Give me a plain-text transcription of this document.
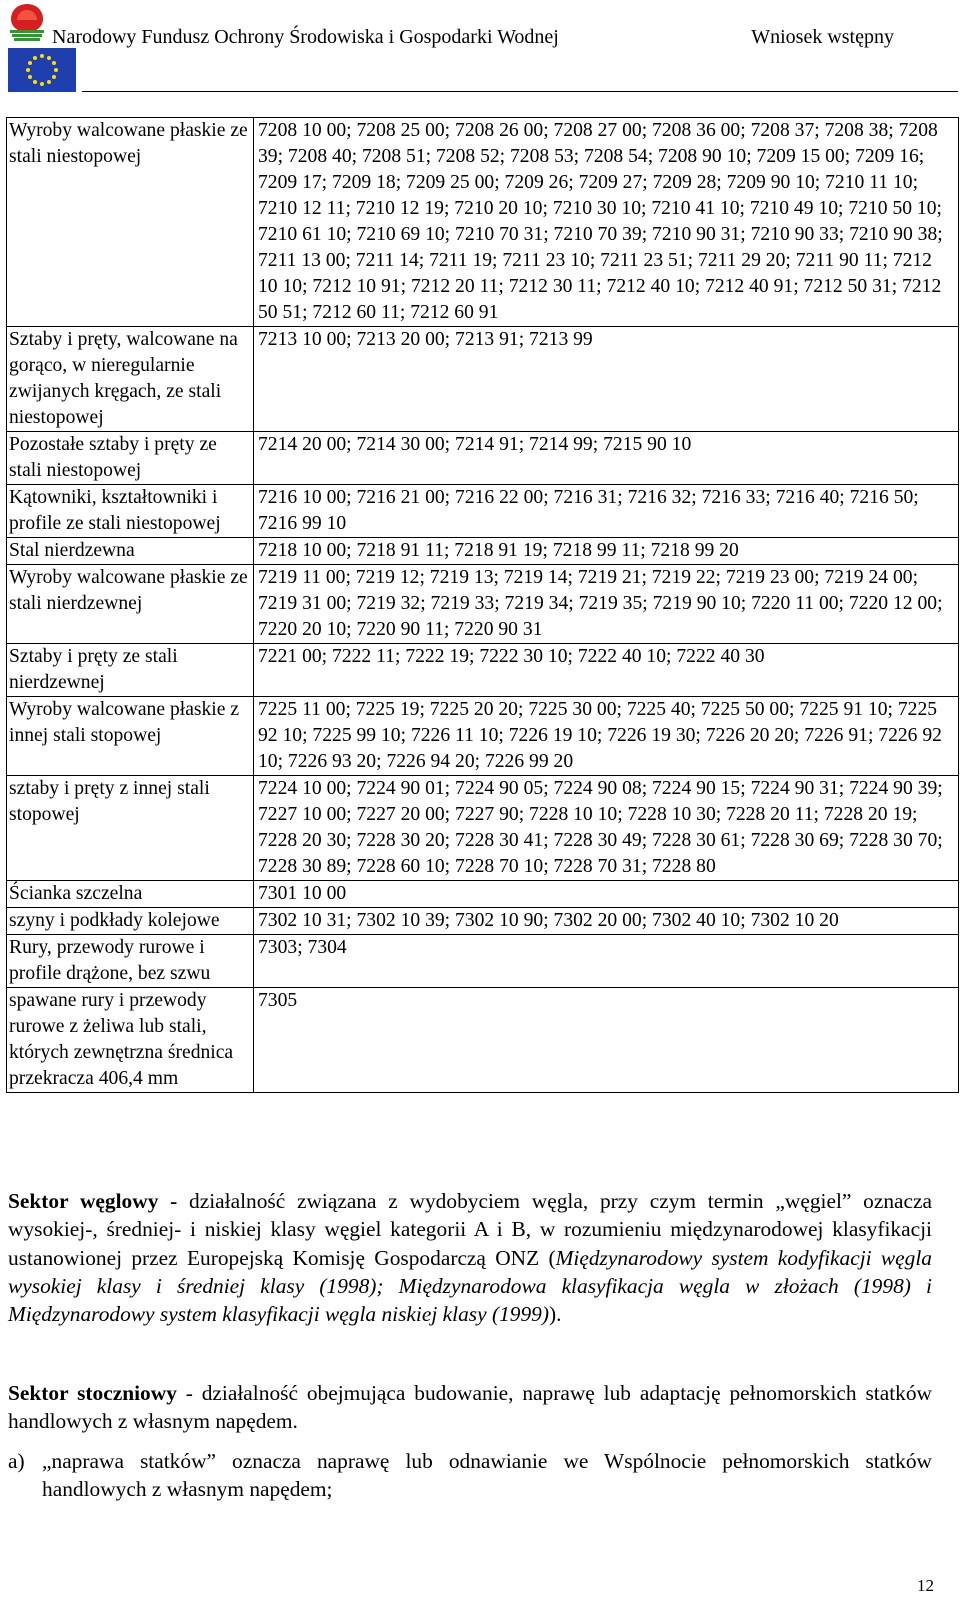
Narodowy Fundusz Ochrony Środowiska i Gospodarki Wodnej	Wniosek wstępny
Wyroby walcowane płaskie ze stali niestopowej	7208 10 00; 7208 25 00; 7208 26 00; 7208 27 00; 7208 36 00; 7208 37; 7208 38; 7208 39; 7208 40; 7208 51; 7208 52; 7208 53; 7208 54; 7208 90 10; 7209 15 00; 7209 16; 7209 17; 7209 18; 7209 25 00; 7209 26; 7209 27; 7209 28; 7209 90 10; 7210 11 10; 7210 12 11; 7210 12 19; 7210 20 10; 7210 30 10; 7210 41 10; 7210 49 10; 7210 50 10; 7210 61 10; 7210 69 10; 7210 70 31; 7210 70 39; 7210 90 31; 7210 90 33; 7210 90 38; 7211 13 00; 7211 14; 7211 19; 7211 23 10; 7211 23 51; 7211 29 20; 7211 90 11; 7212 10 10; 7212 10 91; 7212 20 11; 7212 30 11; 7212 40 10; 7212 40 91; 7212 50 31; 7212 50 51; 7212 60 11; 7212 60 91
Sztaby i pręty, walcowane na gorąco, w nieregularnie zwijanych kręgach, ze stali niestopowej	7213 10 00; 7213 20 00; 7213 91; 7213 99
Pozostałe sztaby i pręty ze stali niestopowej	7214 20 00; 7214 30 00; 7214 91; 7214 99; 7215 90 10
Kątowniki, kształtowniki i profile ze stali niestopowej	7216 10 00; 7216 21 00; 7216 22 00; 7216 31; 7216 32; 7216 33; 7216 40; 7216 50; 7216 99 10
Stal nierdzewna	7218 10 00; 7218 91 11; 7218 91 19; 7218 99 11; 7218 99 20
Wyroby walcowane płaskie ze stali nierdzewnej	7219 11 00; 7219 12; 7219 13; 7219 14; 7219 21; 7219 22; 7219 23 00; 7219 24 00; 7219 31 00; 7219 32; 7219 33; 7219 34; 7219 35; 7219 90 10; 7220 11 00; 7220 12 00; 7220 20 10; 7220 90 11; 7220 90 31
Sztaby i pręty ze stali nierdzewnej	7221 00; 7222 11; 7222 19; 7222 30 10; 7222 40 10; 7222 40 30
Wyroby walcowane płaskie z innej stali stopowej	7225 11 00; 7225 19; 7225 20 20; 7225 30 00; 7225 40; 7225 50 00; 7225 91 10; 7225 92 10; 7225 99 10; 7226 11 10; 7226 19 10; 7226 19 30; 7226 20 20; 7226 91; 7226 92 10; 7226 93 20; 7226 94 20; 7226 99 20
sztaby i pręty z innej stali stopowej	7224 10 00; 7224 90 01; 7224 90 05; 7224 90 08; 7224 90 15; 7224 90 31; 7224 90 39; 7227 10 00; 7227 20 00; 7227 90; 7228 10 10; 7228 10 30; 7228 20 11; 7228 20 19; 7228 20 30; 7228 30 20; 7228 30 41; 7228 30 49; 7228 30 61; 7228 30 69; 7228 30 70; 7228 30 89; 7228 60 10; 7228 70 10; 7228 70 31; 7228 80
Ścianka szczelna	7301 10 00
szyny i podkłady kolejowe	7302 10 31; 7302 10 39; 7302 10 90; 7302 20 00; 7302 40 10; 7302 10 20
Rury, przewody rurowe i profile drążone, bez szwu	7303; 7304
spawane rury i przewody rurowe z żeliwa lub stali, których zewnętrzna średnica przekracza 406,4 mm	7305
Sektor węglowy - działalność związana z wydobyciem węgla, przy czym termin „węgiel” oznacza wysokiej-, średniej- i niskiej klasy węgiel kategorii A i B, w rozumieniu międzynarodowej klasyfikacji ustanowionej przez Europejską Komisję Gospodarczą ONZ (Międzynarodowy system kodyfikacji węgla wysokiej klasy i średniej klasy (1998); Międzynarodowa klasyfikacja węgla w złożach (1998) i Międzynarodowy system klasyfikacji węgla niskiej klasy (1999)).
Sektor stoczniowy - działalność obejmująca budowanie, naprawę lub adaptację pełnomorskich statków handlowych z własnym napędem.
a) „naprawa statków” oznacza naprawę lub odnawianie we Wspólnocie pełnomorskich statków handlowych z własnym napędem;
12
